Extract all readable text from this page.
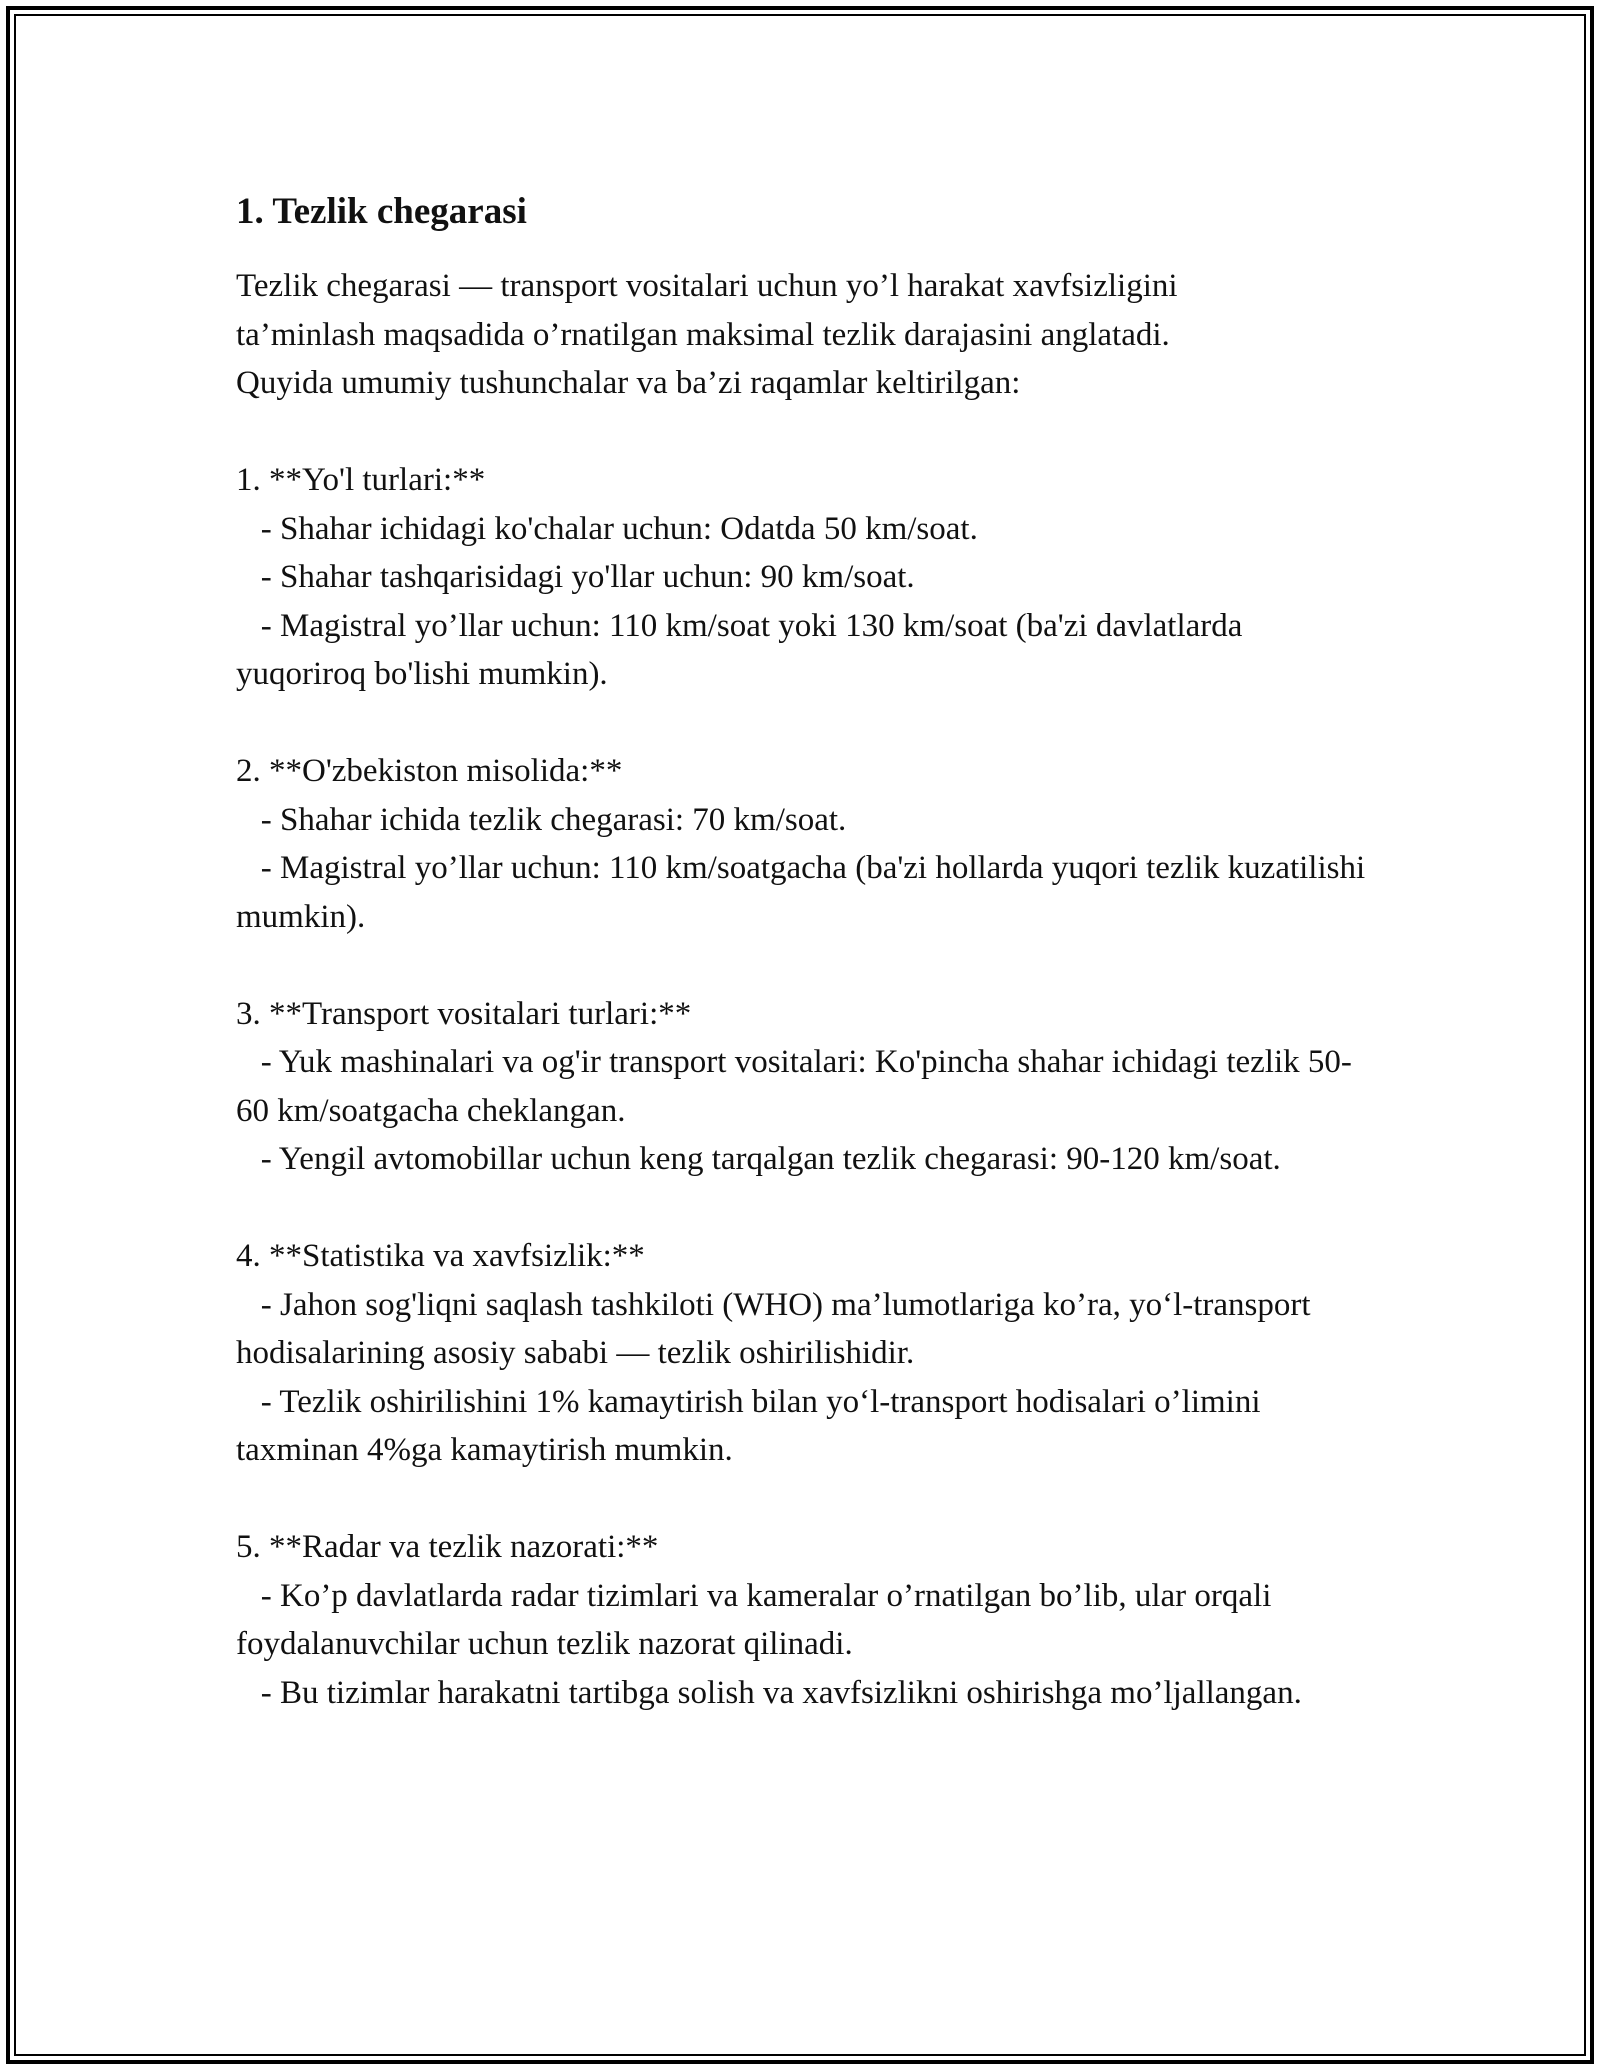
1. Tezlik chegarasi

Tezlik chegarasi — transport vositalari uchun yo’l harakat xavfsizligini
ta’minlash maqsadida o’rnatilgan maksimal tezlik darajasini anglatadi.
Quyida umumiy tushunchalar va ba’zi raqamlar keltirilgan:

1. **Yo'l turlari:**

- Shahar ichidagi ko'chalar uchun: Odatda 50 km/soat.

- Shahar tashqarisidagi yo'llar uchun: 90 km/soat.

- Magistral yo’llar uchun: 110 km/soat yoki 130 km/soat (ba'zi davlatlarda yuqoriroq bo'lishi mumkin).

2. **O'zbekiston misolida:**

- Shahar ichida tezlik chegarasi: 70 km/soat.

- Magistral yo’llar uchun: 110 km/soatgacha (ba'zi hollarda yuqori tezlik kuzatilishi mumkin).

3. **Transport vositalari turlari:**

- Yuk mashinalari va og'ir transport vositalari: Ko'pincha shahar ichidagi tezlik 50-60 km/soatgacha cheklangan.

- Yengil avtomobillar uchun keng tarqalgan tezlik chegarasi: 90-120 km/soat.

4. **Statistika va xavfsizlik:**

- Jahon sog'liqni saqlash tashkiloti (WHO) ma’lumotlariga ko’ra, yo‘l-transport hodisalarining asosiy sababi — tezlik oshirilishidir.

- Tezlik oshirilishini 1% kamaytirish bilan yo‘l-transport hodisalari o’limini taxminan 4%ga kamaytirish mumkin.

5. **Radar va tezlik nazorati:**

- Ko’p davlatlarda radar tizimlari va kameralar o’rnatilgan bo’lib, ular orqali foydalanuvchilar uchun tezlik nazorat qilinadi.

- Bu tizimlar harakatni tartibga solish va xavfsizlikni oshirishga mo’ljallangan.
